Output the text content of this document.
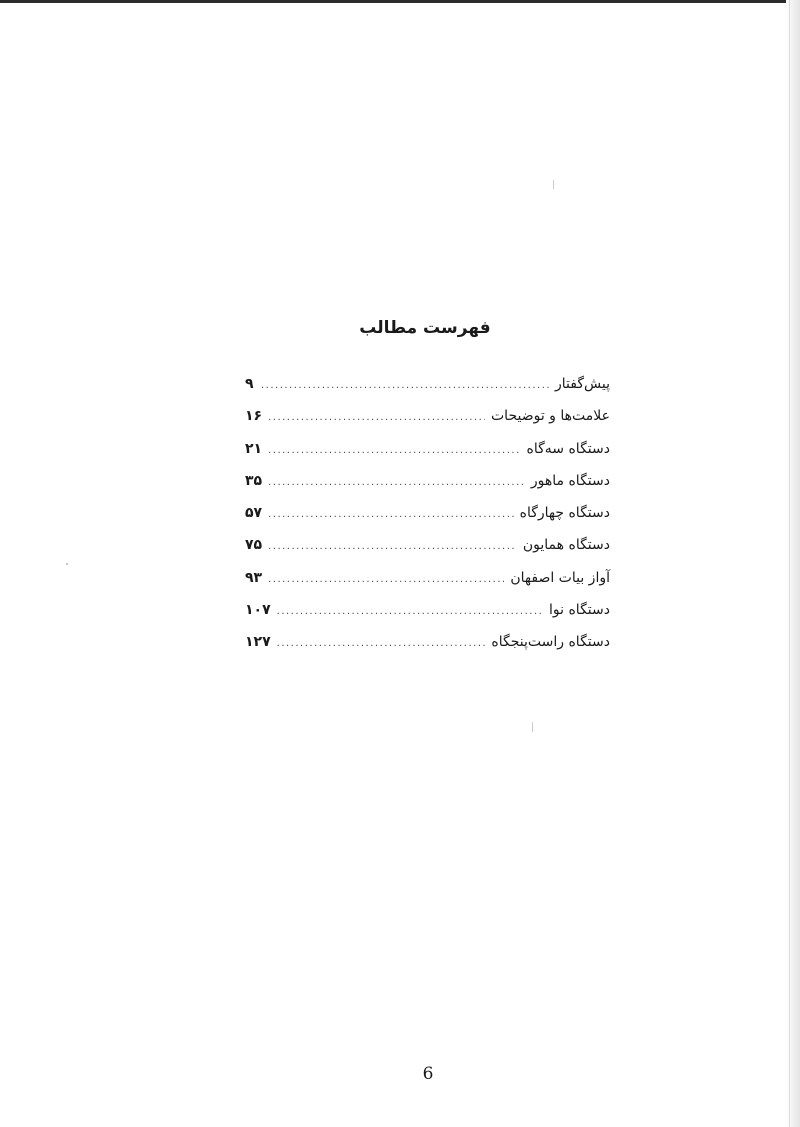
فهرست مطالب
پیش‌گفتار
.....
۹
علامت‌ها و توضیحات
.....
۱۶
دستگاه سه‌گاه
.....
۲۱
دستگاه ماهور
.....
۳۵
دستگاه چهارگاه
.....
۵۷
دستگاه همایون
.....
۷۵
آواز بیات اصفهان
.....
۹۳
دستگاه نوا
.....
۱۰۷
دستگاه راست‌پنجگاه
.....
۱۲۷
6
